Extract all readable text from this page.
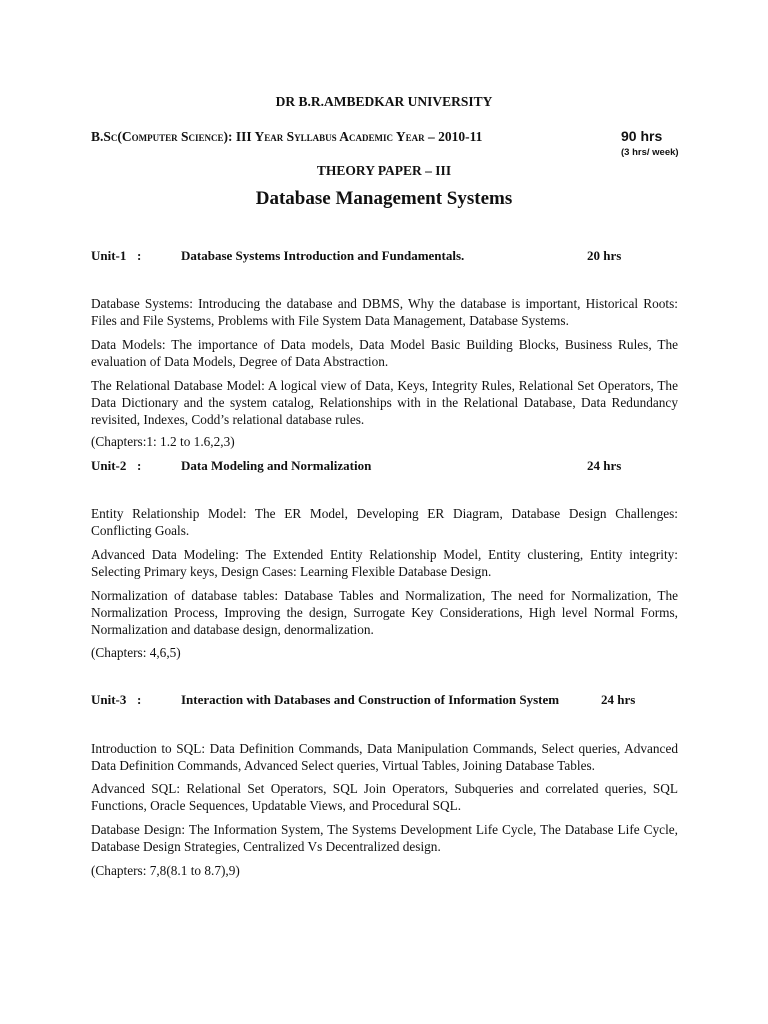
DR B.R.AMBEDKAR UNIVERSITY
B.Sc(Computer Science): III Year Syllabus Academic Year – 2010-11	90 hrs
(3 hrs/ week)
THEORY PAPER – III
Database Management Systems
Unit-1 :	Database Systems Introduction and Fundamentals.	20 hrs
Database Systems: Introducing the database and DBMS, Why the database is important, Historical Roots: Files and File Systems, Problems with File System Data Management, Database Systems.
Data Models: The importance of Data models, Data Model Basic Building Blocks, Business Rules, The evaluation of Data Models, Degree of Data Abstraction.
The Relational Database Model: A logical view of Data, Keys, Integrity Rules, Relational Set Operators, The Data Dictionary and the system catalog, Relationships with in the Relational Database, Data Redundancy revisited, Indexes, Codd’s relational database rules.
(Chapters:1: 1.2 to 1.6,2,3)
Unit-2 :	Data Modeling and Normalization	24 hrs
Entity Relationship Model: The ER Model, Developing ER Diagram, Database Design Challenges: Conflicting Goals.
Advanced Data Modeling: The Extended Entity Relationship Model, Entity clustering, Entity integrity: Selecting Primary keys, Design Cases: Learning Flexible Database Design.
Normalization of database tables: Database Tables and Normalization, The need for Normalization, The Normalization Process, Improving the design, Surrogate Key Considerations, High level Normal Forms, Normalization and database design, denormalization.
(Chapters: 4,6,5)
Unit-3 :	Interaction with Databases and Construction of Information System	24 hrs
Introduction to SQL: Data Definition Commands, Data Manipulation Commands, Select queries, Advanced Data Definition Commands, Advanced Select queries, Virtual Tables, Joining Database Tables.
Advanced SQL: Relational Set Operators, SQL Join Operators, Subqueries and correlated queries, SQL Functions, Oracle Sequences, Updatable Views, and Procedural SQL.
Database Design: The Information System, The Systems Development Life Cycle, The Database Life Cycle, Database Design Strategies, Centralized Vs Decentralized design.
(Chapters: 7,8(8.1 to 8.7),9)
